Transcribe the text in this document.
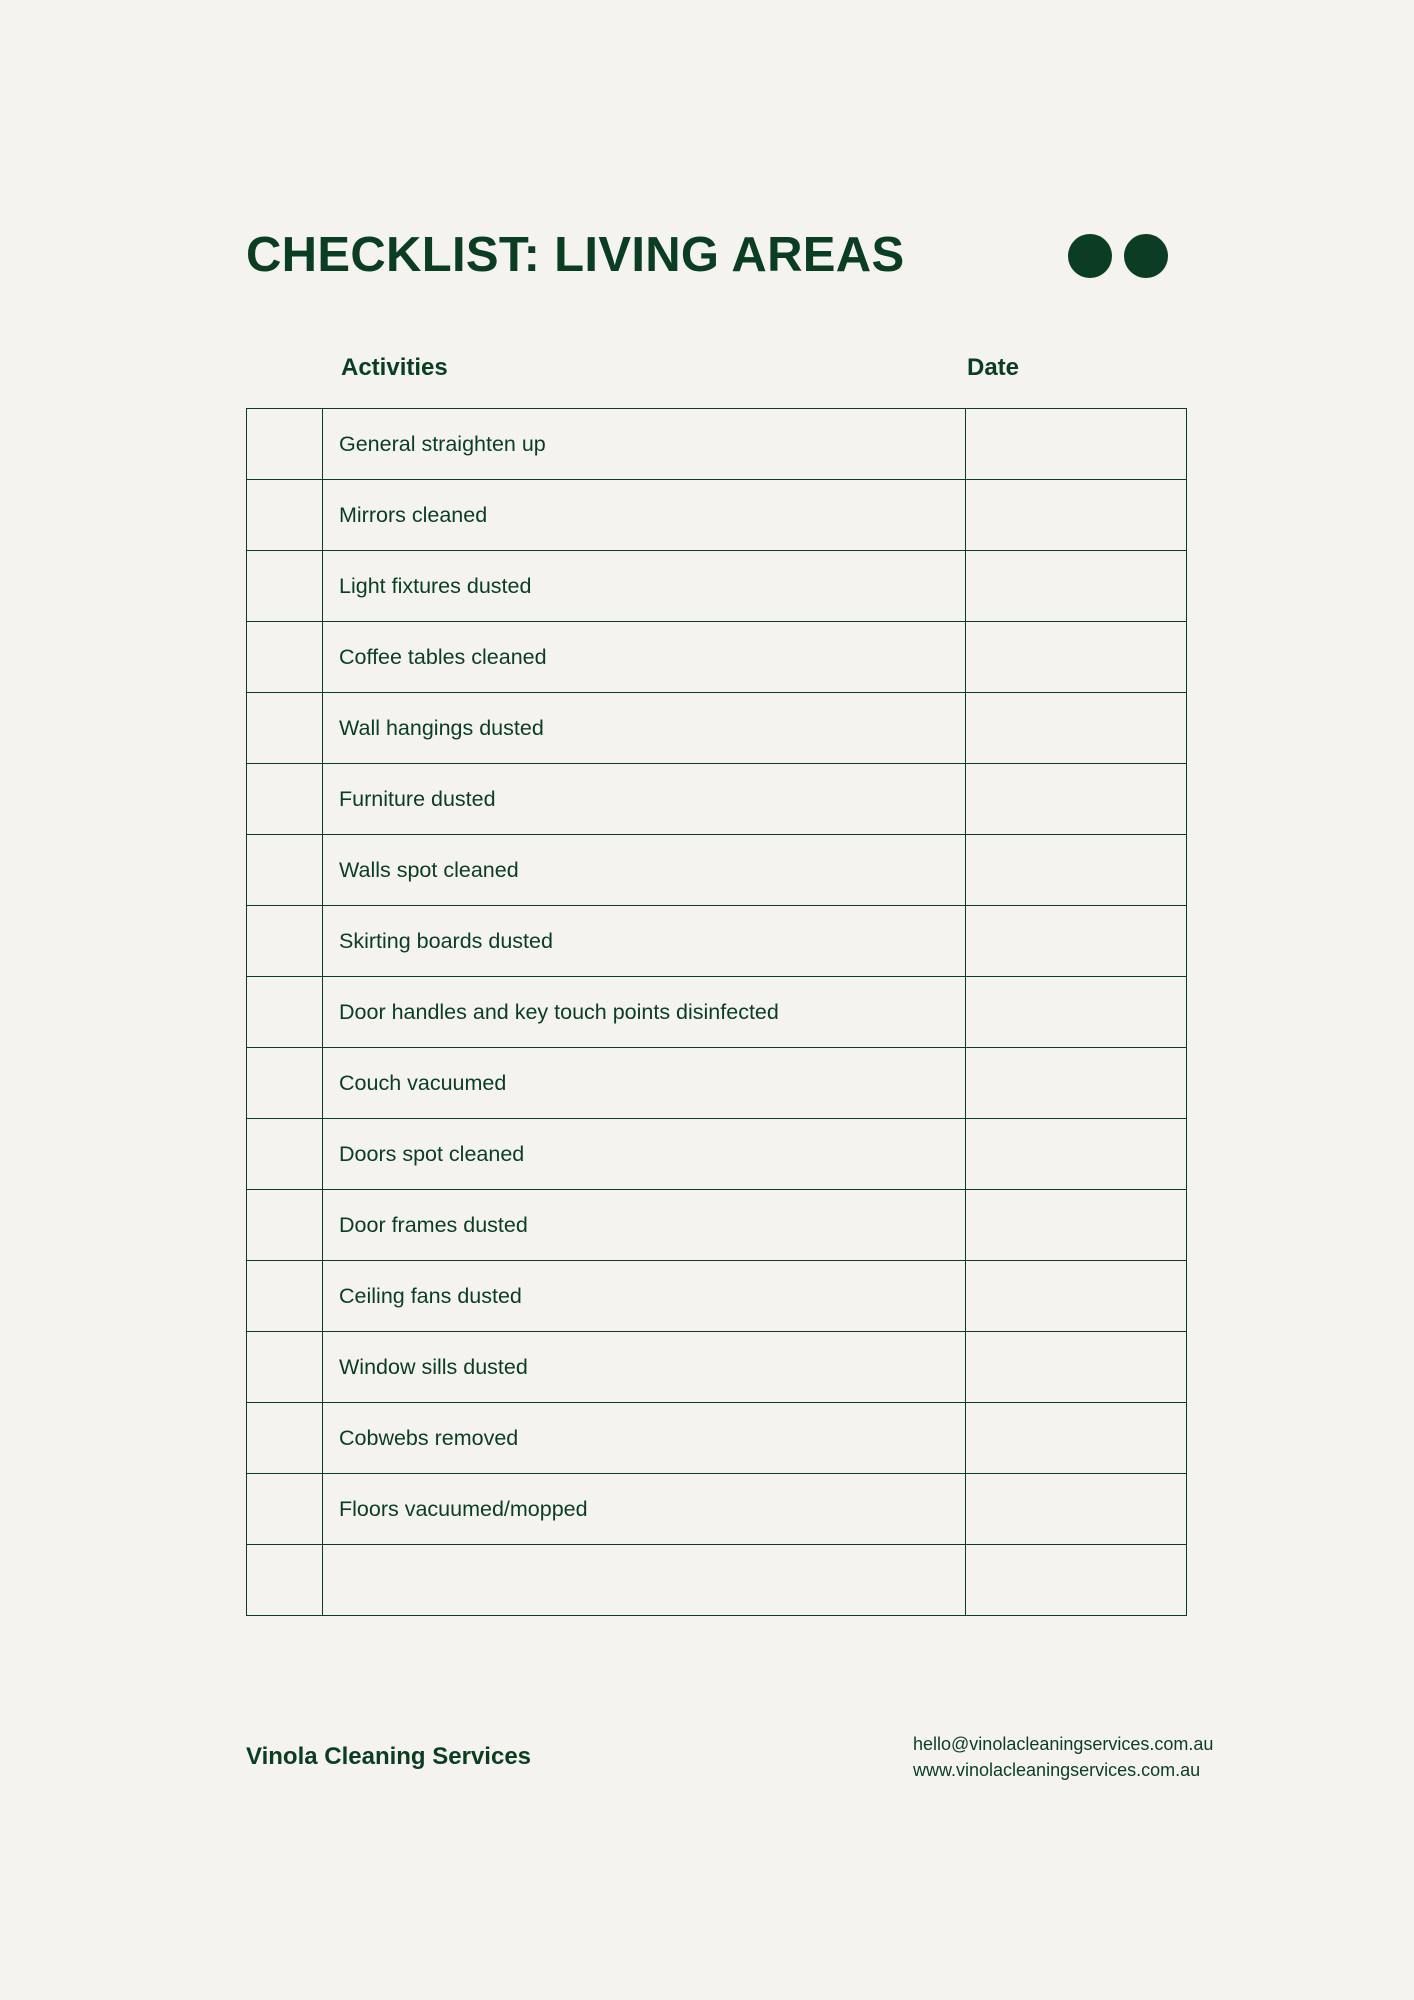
CHECKLIST: LIVING AREAS
Activities	Date
	General straighten up	
	Mirrors cleaned	
	Light fixtures dusted	
	Coffee tables cleaned	
	Wall hangings dusted	
	Furniture dusted	
	Walls spot cleaned	
	Skirting boards dusted	
	Door handles and key touch points disinfected	
	Couch vacuumed	
	Doors spot cleaned	
	Door frames dusted	
	Ceiling fans dusted	
	Window sills dusted	
	Cobwebs removed	
	Floors vacuumed/mopped	

Vinola Cleaning Services	hello@vinolacleaningservices.com.au
www.vinolacleaningservices.com.au
